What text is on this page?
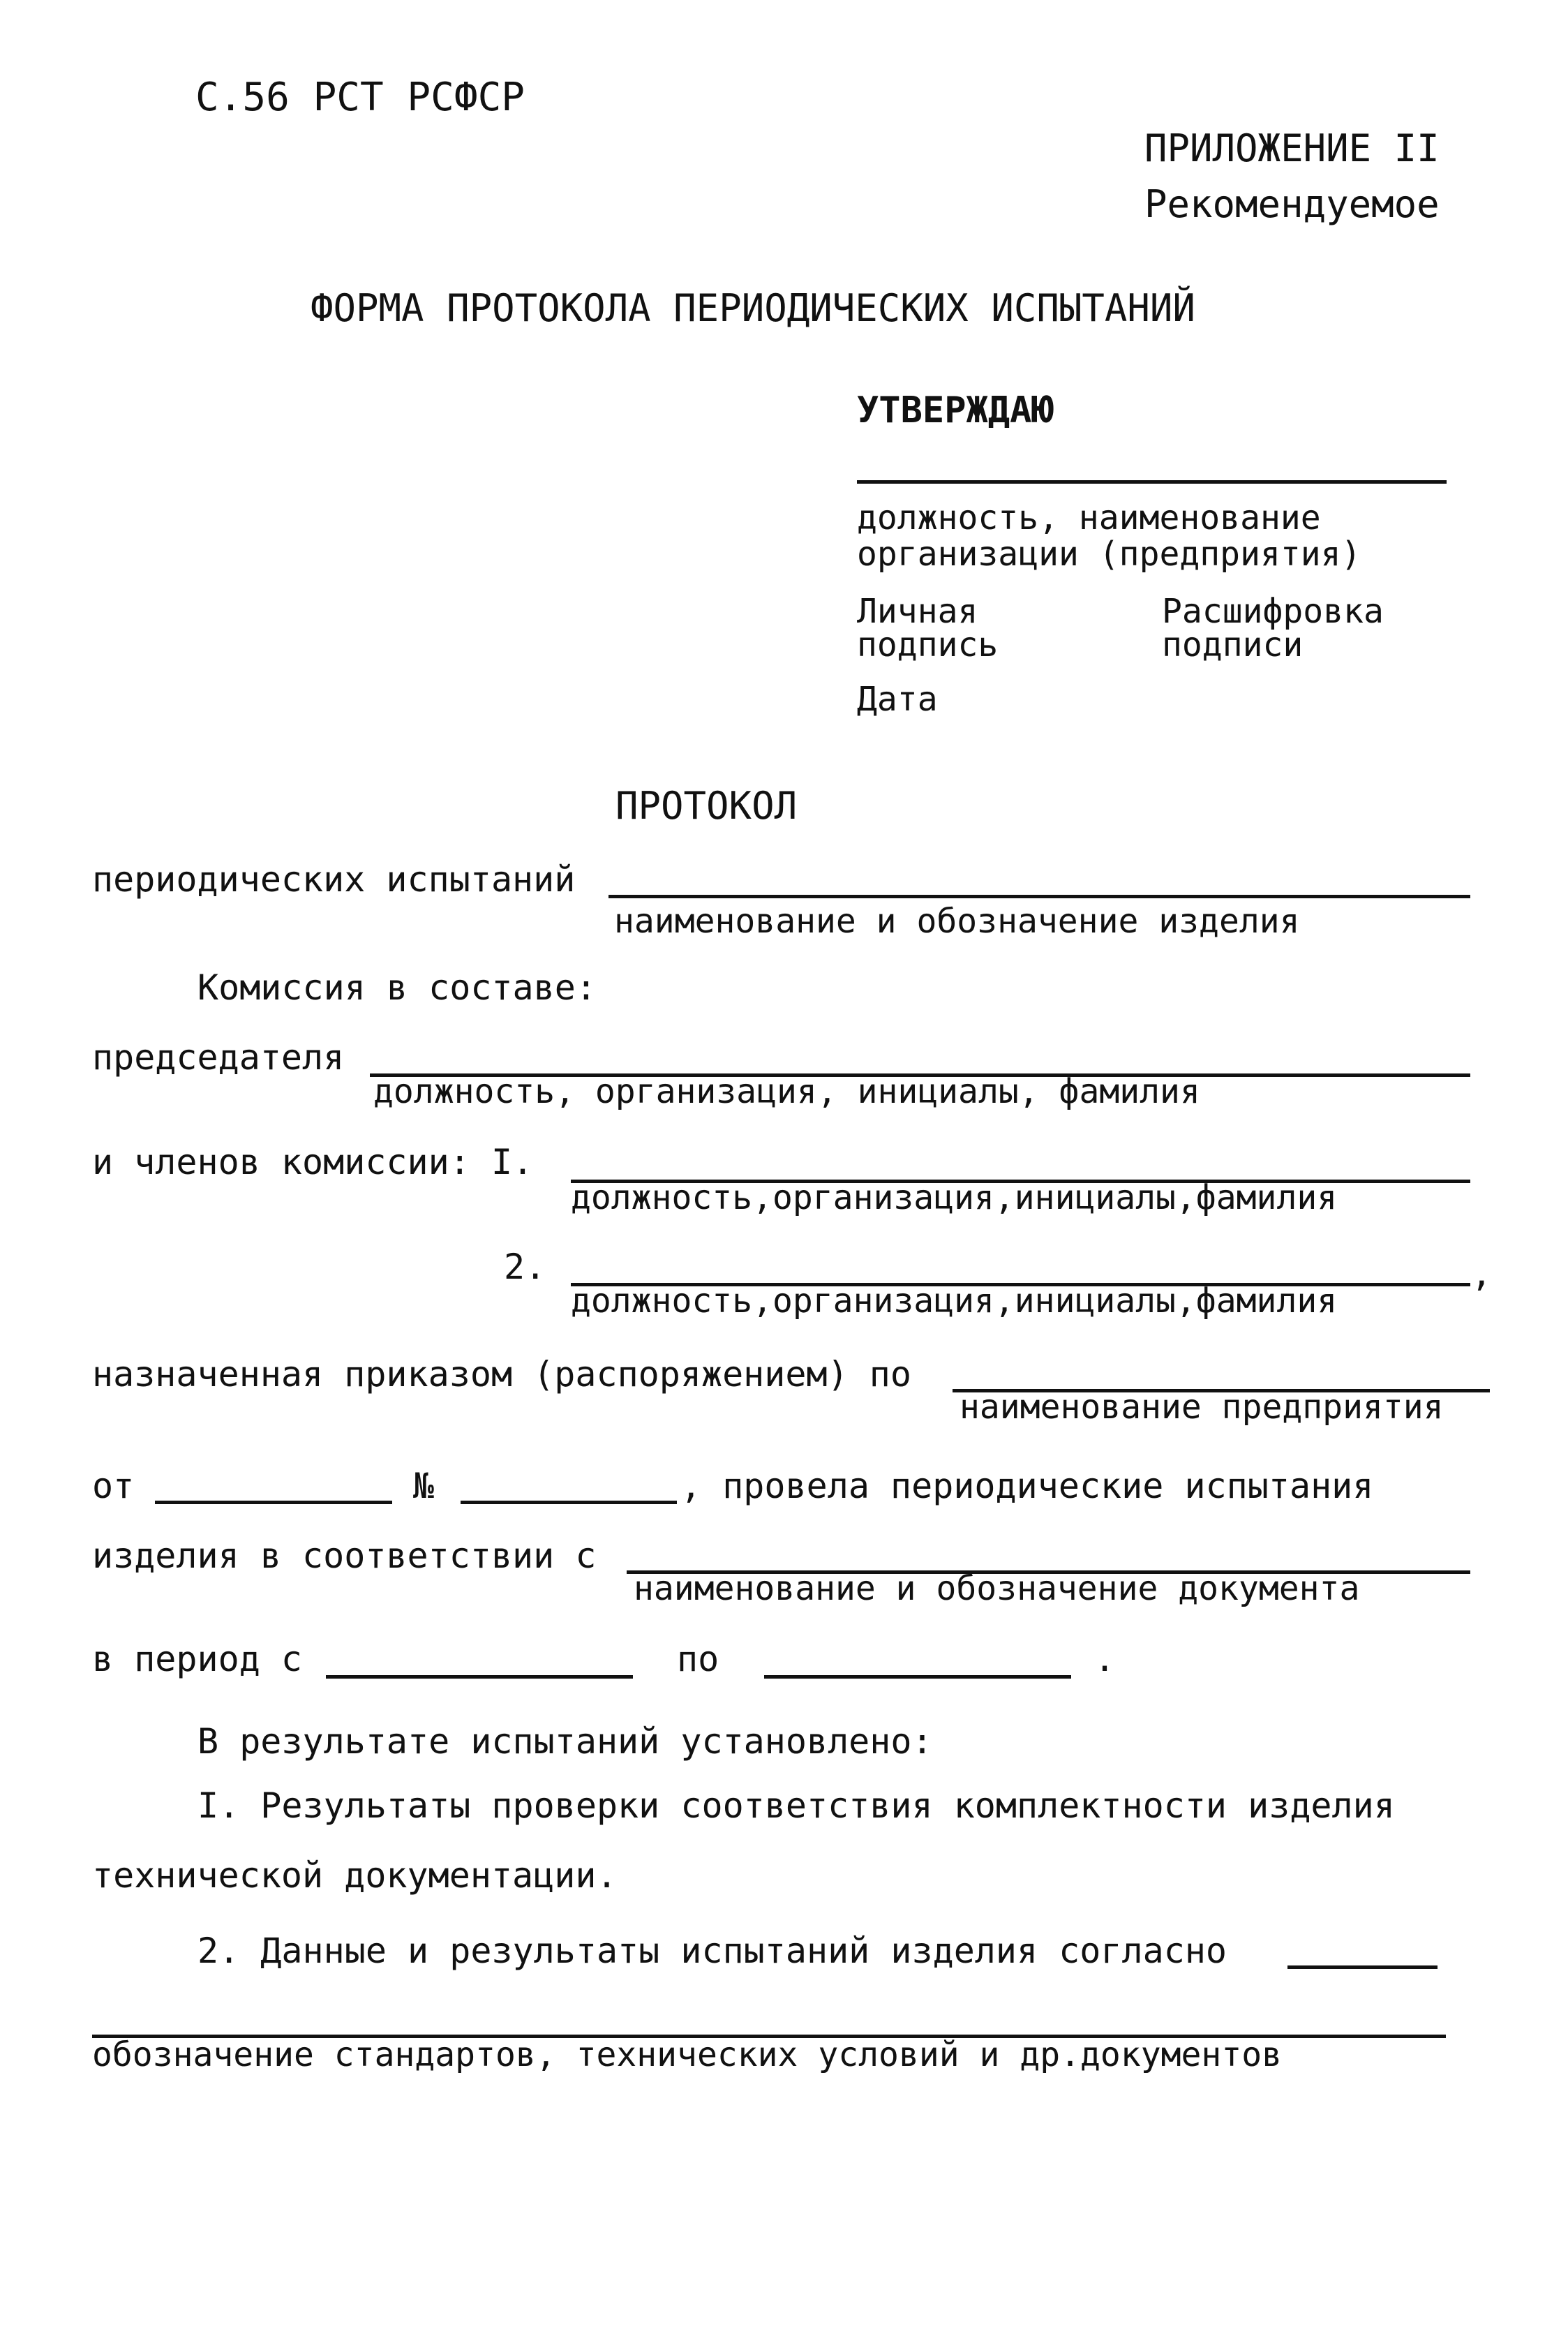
С.56 РСТ РСФСР
ПРИЛОЖЕНИЕ II
Рекомендуемое
ФОРМА ПРОТОКОЛА ПЕРИОДИЧЕСКИХ ИСПЫТАНИЙ
УТВЕРЖДАЮ
должность, наименование
организации (предприятия)
Личная
подпись
Расшифровка
подписи
Дата
ПРОТОКОЛ
периодических испытаний
наименование и обозначение изделия
Комиссия в составе:
председателя
должность, организация, инициалы, фамилия
и членов комиссии: I.
должность,организация,инициалы,фамилия
2.	,
должность,организация,инициалы,фамилия
назначенная приказом (распоряжением) по
наименование предприятия
от	№	, провела периодические испытания
изделия в соответствии с
наименование и обозначение документа
в период с	по	.
В результате испытаний установлено:
I. Результаты проверки соответствия комплектности изделия
технической документации.
2. Данные и результаты испытаний изделия согласно
обозначение стандартов, технических условий и др.документов
